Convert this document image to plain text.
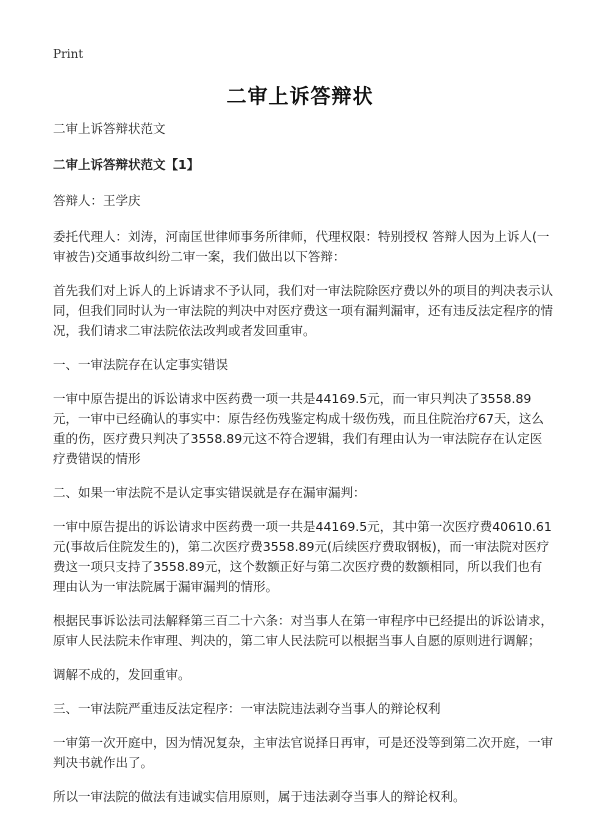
Print
二审上诉答辩状

二审上诉答辩状范文

二审上诉答辩状范文【1】

答辩人：王学庆

委托代理人：刘涛，河南匡世律师事务所律师，代理权限：特别授权 答辩人因为上诉人(一审被告)交通事故纠纷二审一案，我们做出以下答辩：

首先我们对上诉人的上诉请求不予认同，我们对一审法院除医疗费以外的项目的判决表示认同，但我们同时认为一审法院的判决中对医疗费这一项有漏判漏审，还有违反法定程序的情况，我们请求二审法院依法改判或者发回重审。

一、一审法院存在认定事实错误

一审中原告提出的诉讼请求中医药费一项一共是44169.5元，而一审只判决了3558.89元，一审中已经确认的事实中：原告经伤残鉴定构成十级伤残，而且住院治疗67天，这么重的伤，医疗费只判决了3558.89元这不符合逻辑，我们有理由认为一审法院存在认定医疗费错误的情形

二、如果一审法院不是认定事实错误就是存在漏审漏判：

一审中原告提出的诉讼请求中医药费一项一共是44169.5元，其中第一次医疗费40610.61元(事故后住院发生的)，第二次医疗费3558.89元(后续医疗费取钢板)，而一审法院对医疗费这一项只支持了3558.89元，这个数额正好与第二次医疗费的数额相同，所以我们也有理由认为一审法院属于漏审漏判的情形。

根据民事诉讼法司法解释第三百二十六条：对当事人在第一审程序中已经提出的诉讼请求，原审人民法院未作审理、判决的，第二审人民法院可以根据当事人自愿的原则进行调解；

调解不成的，发回重审。

三、一审法院严重违反法定程序：一审法院违法剥夺当事人的辩论权利

一审第一次开庭中，因为情况复杂，主审法官说择日再审，可是还没等到第二次开庭，一审判决书就作出了。

所以一审法院的做法有违诚实信用原则，属于违法剥夺当事人的辩论权利。
